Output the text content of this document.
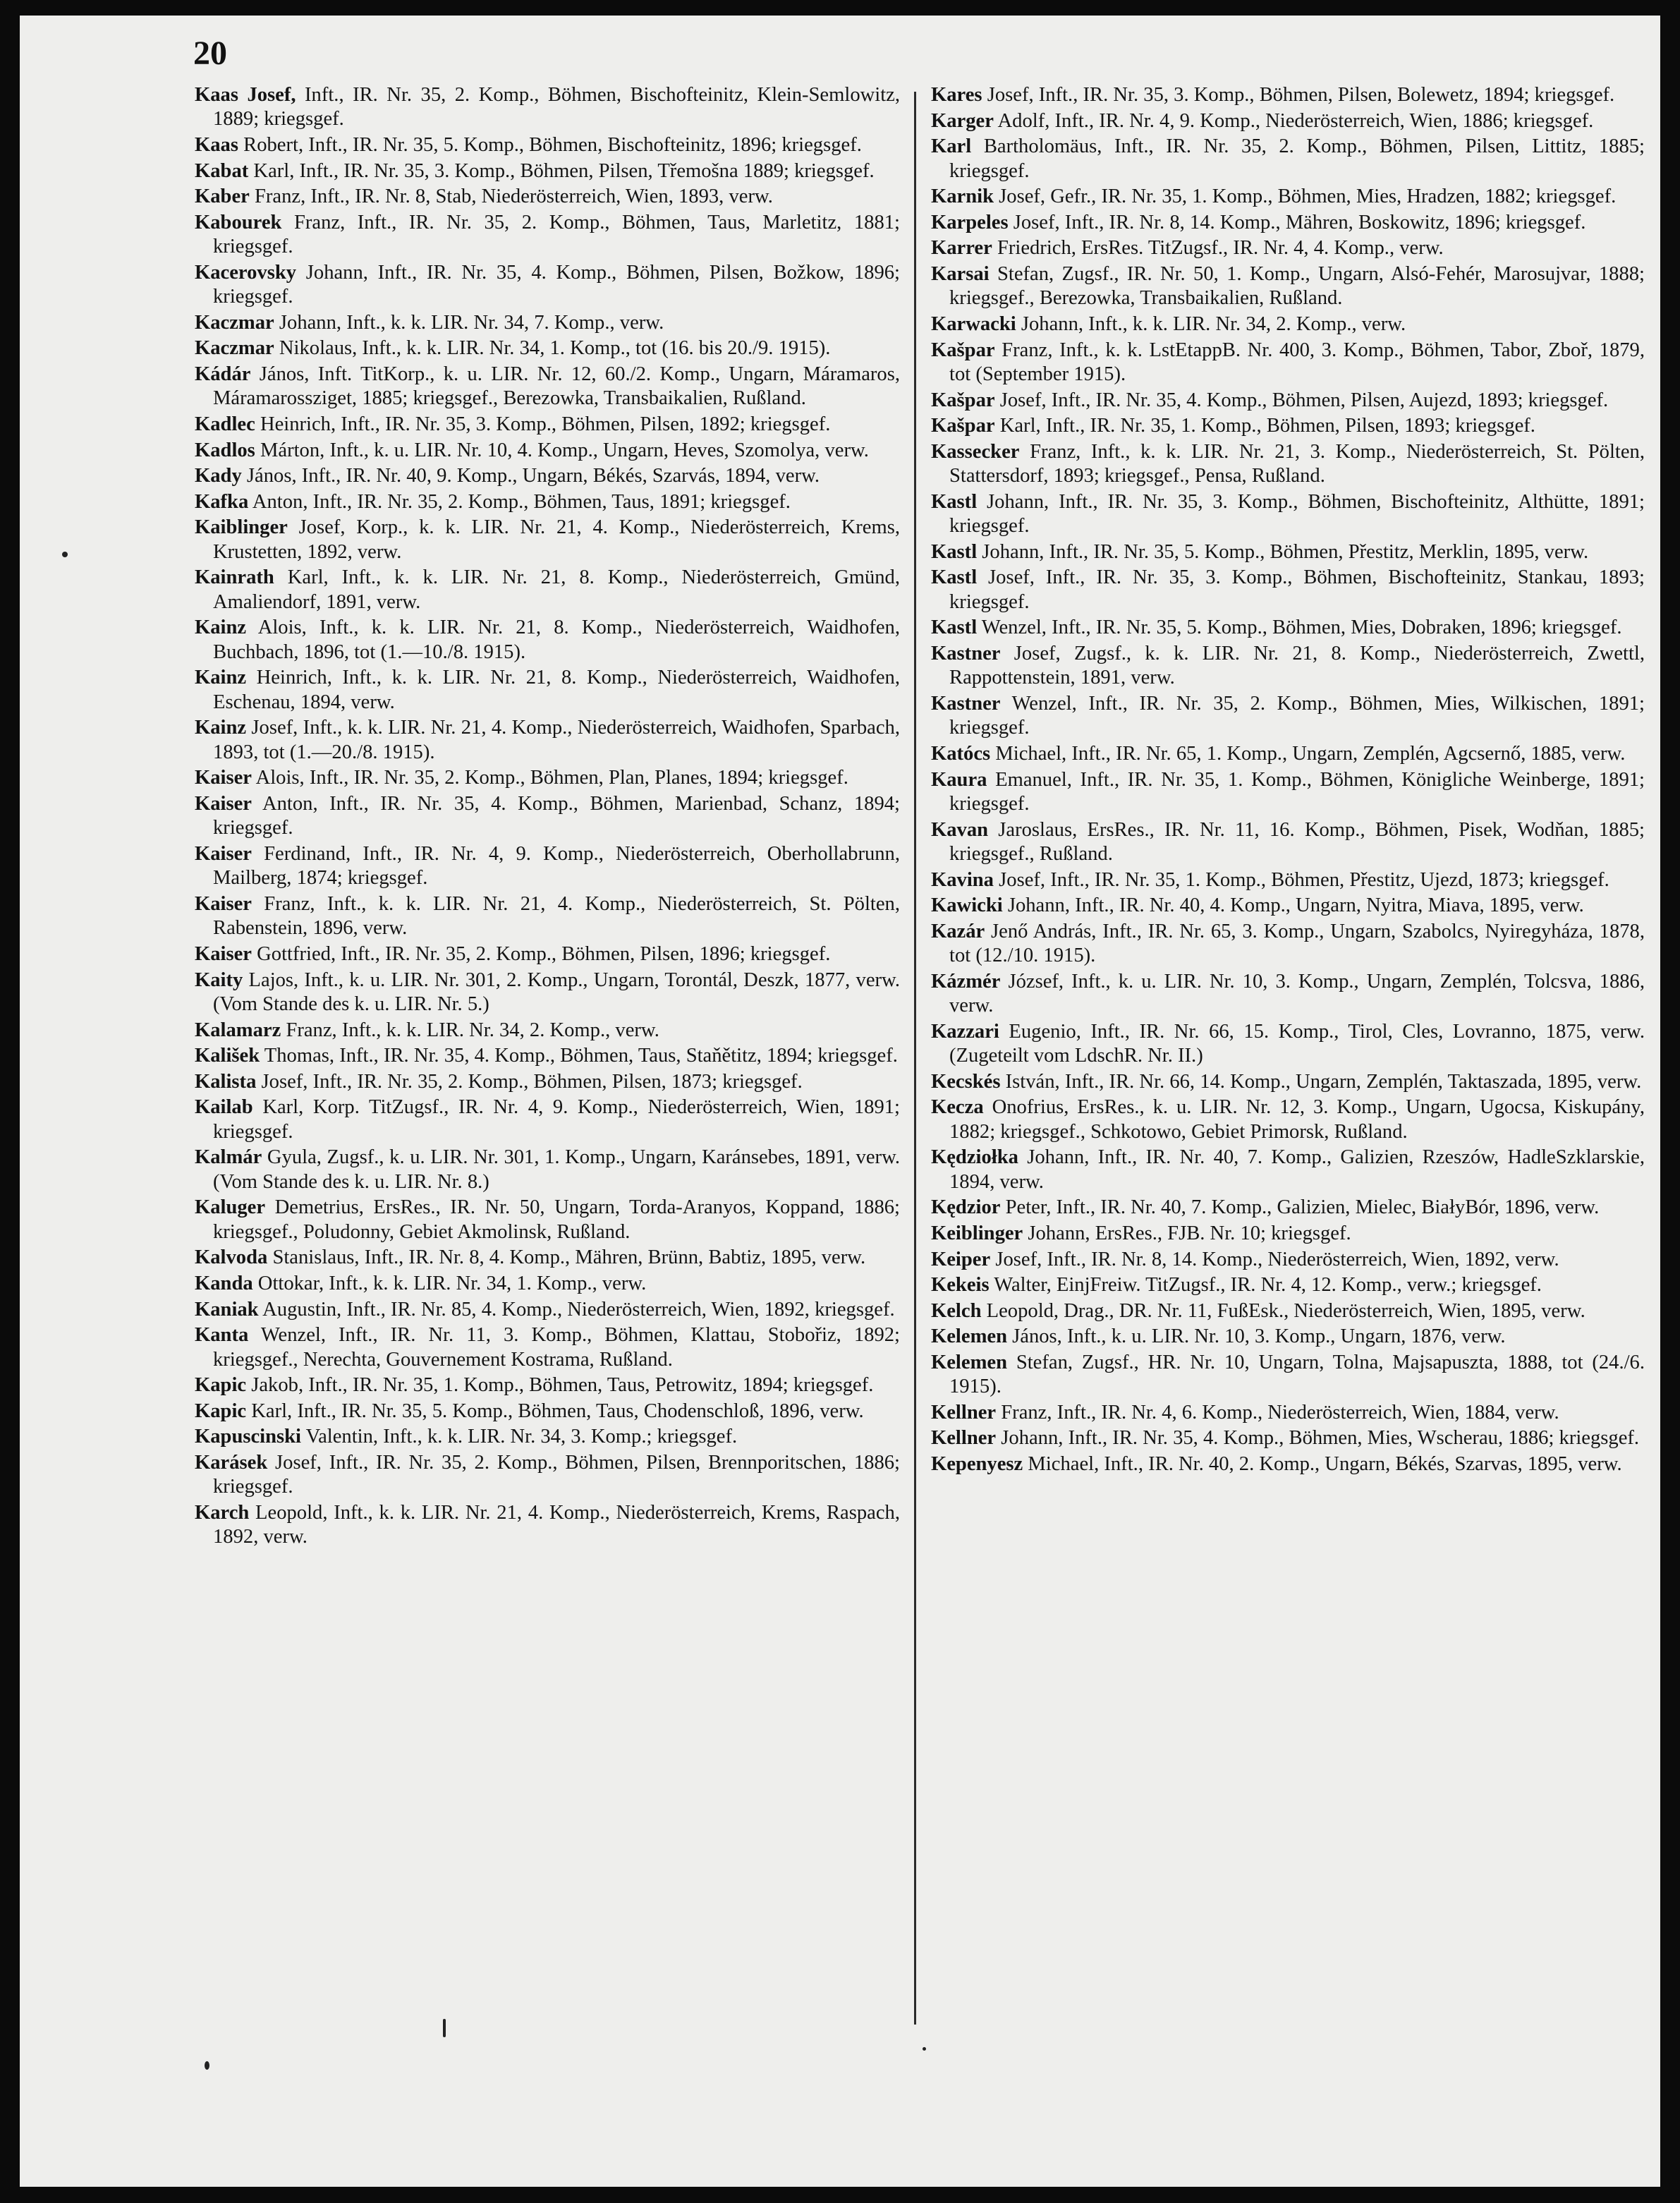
20

Kaas Josef, Inft., IR. Nr. 35, 2. Komp., Böhmen, Bischofteinitz, Klein-Semlowitz, 1889; kriegsgef.

Kaas Robert, Inft., IR. Nr. 35, 5. Komp., Böhmen, Bischofteinitz, 1896; kriegsgef.

Kabat Karl, Inft., IR. Nr. 35, 3. Komp., Böhmen, Pilsen, Třemošna 1889; kriegsgef.

Kaber Franz, Inft., IR. Nr. 8, Stab, Niederösterreich, Wien, 1893, verw.

Kabourek Franz, Inft., IR. Nr. 35, 2. Komp., Böhmen, Taus, Marletitz, 1881; kriegsgef.

Kacerovsky Johann, Inft., IR. Nr. 35, 4. Komp., Böhmen, Pilsen, Božkow, 1896; kriegsgef.

Kaczmar Johann, Inft., k. k. LIR. Nr. 34, 7. Komp., verw.

Kaczmar Nikolaus, Inft., k. k. LIR. Nr. 34, 1. Komp., tot (16. bis 20./9. 1915).

Kádár János, Inft. TitKorp., k. u. LIR. Nr. 12, 60./2. Komp., Ungarn, Máramaros, Máramarossziget, 1885; kriegsgef., Berezowka, Transbaikalien, Rußland.

Kadlec Heinrich, Inft., IR. Nr. 35, 3. Komp., Böhmen, Pilsen, 1892; kriegsgef.

Kadlos Márton, Inft., k. u. LIR. Nr. 10, 4. Komp., Ungarn, Heves, Szomolya, verw.

Kady János, Inft., IR. Nr. 40, 9. Komp., Ungarn, Békés, Szarvás, 1894, verw.

Kafka Anton, Inft., IR. Nr. 35, 2. Komp., Böhmen, Taus, 1891; kriegsgef.

Kaiblinger Josef, Korp., k. k. LIR. Nr. 21, 4. Komp., Niederösterreich, Krems, Krustetten, 1892, verw.

Kainrath Karl, Inft., k. k. LIR. Nr. 21, 8. Komp., Niederösterreich, Gmünd, Amaliendorf, 1891, verw.

Kainz Alois, Inft., k. k. LIR. Nr. 21, 8. Komp., Niederösterreich, Waidhofen, Buchbach, 1896, tot (1.—10./8. 1915).

Kainz Heinrich, Inft., k. k. LIR. Nr. 21, 8. Komp., Niederösterreich, Waidhofen, Eschenau, 1894, verw.

Kainz Josef, Inft., k. k. LIR. Nr. 21, 4. Komp., Niederösterreich, Waidhofen, Sparbach, 1893, tot (1.—20./8. 1915).

Kaiser Alois, Inft., IR. Nr. 35, 2. Komp., Böhmen, Plan, Planes, 1894; kriegsgef.

Kaiser Anton, Inft., IR. Nr. 35, 4. Komp., Böhmen, Marienbad, Schanz, 1894; kriegsgef.

Kaiser Ferdinand, Inft., IR. Nr. 4, 9. Komp., Niederösterreich, Oberhollabrunn, Mailberg, 1874; kriegsgef.

Kaiser Franz, Inft., k. k. LIR. Nr. 21, 4. Komp., Niederösterreich, St. Pölten, Rabenstein, 1896, verw.

Kaiser Gottfried, Inft., IR. Nr. 35, 2. Komp., Böhmen, Pilsen, 1896; kriegsgef.

Kaity Lajos, Inft., k. u. LIR. Nr. 301, 2. Komp., Ungarn, Torontál, Deszk, 1877, verw. (Vom Stande des k. u. LIR. Nr. 5.)

Kalamarz Franz, Inft., k. k. LIR. Nr. 34, 2. Komp., verw.

Kališek Thomas, Inft., IR. Nr. 35, 4. Komp., Böhmen, Taus, Staňětitz, 1894; kriegsgef.

Kalista Josef, Inft., IR. Nr. 35, 2. Komp., Böhmen, Pilsen, 1873; kriegsgef.

Kailab Karl, Korp. TitZugsf., IR. Nr. 4, 9. Komp., Niederösterreich, Wien, 1891; kriegsgef.

Kalmár Gyula, Zugsf., k. u. LIR. Nr. 301, 1. Komp., Ungarn, Karánsebes, 1891, verw. (Vom Stande des k. u. LIR. Nr. 8.)

Kaluger Demetrius, ErsRes., IR. Nr. 50, Ungarn, Torda-Aranyos, Koppand, 1886; kriegsgef., Poludonny, Gebiet Akmolinsk, Rußland.

Kalvoda Stanislaus, Inft., IR. Nr. 8, 4. Komp., Mähren, Brünn, Babtiz, 1895, verw.

Kanda Ottokar, Inft., k. k. LIR. Nr. 34, 1. Komp., verw.

Kaniak Augustin, Inft., IR. Nr. 85, 4. Komp., Niederösterreich, Wien, 1892, kriegsgef.

Kanta Wenzel, Inft., IR. Nr. 11, 3. Komp., Böhmen, Klattau, Stobořiz, 1892; kriegsgef., Nerechta, Gouvernement Kostrama, Rußland.

Kapic Jakob, Inft., IR. Nr. 35, 1. Komp., Böhmen, Taus, Petrowitz, 1894; kriegsgef.

Kapic Karl, Inft., IR. Nr. 35, 5. Komp., Böhmen, Taus, Chodenschloß, 1896, verw.

Kapuscinski Valentin, Inft., k. k. LIR. Nr. 34, 3. Komp.; kriegsgef.

Karásek Josef, Inft., IR. Nr. 35, 2. Komp., Böhmen, Pilsen, Brennporitschen, 1886; kriegsgef.

Karch Leopold, Inft., k. k. LIR. Nr. 21, 4. Komp., Niederösterreich, Krems, Raspach, 1892, verw.

Kares Josef, Inft., IR. Nr. 35, 3. Komp., Böhmen, Pilsen, Bolewetz, 1894; kriegsgef.

Karger Adolf, Inft., IR. Nr. 4, 9. Komp., Niederösterreich, Wien, 1886; kriegsgef.

Karl Bartholomäus, Inft., IR. Nr. 35, 2. Komp., Böhmen, Pilsen, Littitz, 1885; kriegsgef.

Karnik Josef, Gefr., IR. Nr. 35, 1. Komp., Böhmen, Mies, Hradzen, 1882; kriegsgef.

Karpeles Josef, Inft., IR. Nr. 8, 14. Komp., Mähren, Boskowitz, 1896; kriegsgef.

Karrer Friedrich, ErsRes. TitZugsf., IR. Nr. 4, 4. Komp., verw.

Karsai Stefan, Zugsf., IR. Nr. 50, 1. Komp., Ungarn, Alsó-Fehér, Marosujvar, 1888; kriegsgef., Berezowka, Transbaikalien, Rußland.

Karwacki Johann, Inft., k. k. LIR. Nr. 34, 2. Komp., verw.

Kašpar Franz, Inft., k. k. LstEtappB. Nr. 400, 3. Komp., Böhmen, Tabor, Zboř, 1879, tot (September 1915).

Kašpar Josef, Inft., IR. Nr. 35, 4. Komp., Böhmen, Pilsen, Aujezd, 1893; kriegsgef.

Kašpar Karl, Inft., IR. Nr. 35, 1. Komp., Böhmen, Pilsen, 1893; kriegsgef.

Kassecker Franz, Inft., k. k. LIR. Nr. 21, 3. Komp., Niederösterreich, St. Pölten, Stattersdorf, 1893; kriegsgef., Pensa, Rußland.

Kastl Johann, Inft., IR. Nr. 35, 3. Komp., Böhmen, Bischofteinitz, Althütte, 1891; kriegsgef.

Kastl Johann, Inft., IR. Nr. 35, 5. Komp., Böhmen, Přestitz, Merklin, 1895, verw.

Kastl Josef, Inft., IR. Nr. 35, 3. Komp., Böhmen, Bischofteinitz, Stankau, 1893; kriegsgef.

Kastl Wenzel, Inft., IR. Nr. 35, 5. Komp., Böhmen, Mies, Dobraken, 1896; kriegsgef.

Kastner Josef, Zugsf., k. k. LIR. Nr. 21, 8. Komp., Niederösterreich, Zwettl, Rappottenstein, 1891, verw.

Kastner Wenzel, Inft., IR. Nr. 35, 2. Komp., Böhmen, Mies, Wilkischen, 1891; kriegsgef.

Katócs Michael, Inft., IR. Nr. 65, 1. Komp., Ungarn, Zemplén, Agcsernő, 1885, verw.

Kaura Emanuel, Inft., IR. Nr. 35, 1. Komp., Böhmen, Königliche Weinberge, 1891; kriegsgef.

Kavan Jaroslaus, ErsRes., IR. Nr. 11, 16. Komp., Böhmen, Pisek, Wodňan, 1885; kriegsgef., Rußland.

Kavina Josef, Inft., IR. Nr. 35, 1. Komp., Böhmen, Přestitz, Ujezd, 1873; kriegsgef.

Kawicki Johann, Inft., IR. Nr. 40, 4. Komp., Ungarn, Nyitra, Miava, 1895, verw.

Kazár Jenő András, Inft., IR. Nr. 65, 3. Komp., Ungarn, Szabolcs, Nyiregyháza, 1878, tot (12./10. 1915).

Kázmér József, Inft., k. u. LIR. Nr. 10, 3. Komp., Ungarn, Zemplén, Tolcsva, 1886, verw.

Kazzari Eugenio, Inft., IR. Nr. 66, 15. Komp., Tirol, Cles, Lovranno, 1875, verw. (Zugeteilt vom LdschR. Nr. II.)

Kecskés István, Inft., IR. Nr. 66, 14. Komp., Ungarn, Zemplén, Taktaszada, 1895, verw.

Kecza Onofrius, ErsRes., k. u. LIR. Nr. 12, 3. Komp., Ungarn, Ugocsa, Kiskupány, 1882; kriegsgef., Schkotowo, Gebiet Primorsk, Rußland.

Kędziołka Johann, Inft., IR. Nr. 40, 7. Komp., Galizien, Rzeszów, HadleSzklarskie, 1894, verw.

Kędzior Peter, Inft., IR. Nr. 40, 7. Komp., Galizien, Mielec, BiałyBór, 1896, verw.

Keiblinger Johann, ErsRes., FJB. Nr. 10; kriegsgef.

Keiper Josef, Inft., IR. Nr. 8, 14. Komp., Niederösterreich, Wien, 1892, verw.

Kekeis Walter, EinjFreiw. TitZugsf., IR. Nr. 4, 12. Komp., verw.; kriegsgef.

Kelch Leopold, Drag., DR. Nr. 11, FußEsk., Niederösterreich, Wien, 1895, verw.

Kelemen János, Inft., k. u. LIR. Nr. 10, 3. Komp., Ungarn, 1876, verw.

Kelemen Stefan, Zugsf., HR. Nr. 10, Ungarn, Tolna, Majsapuszta, 1888, tot (24./6. 1915).

Kellner Franz, Inft., IR. Nr. 4, 6. Komp., Niederösterreich, Wien, 1884, verw.

Kellner Johann, Inft., IR. Nr. 35, 4. Komp., Böhmen, Mies, Wscherau, 1886; kriegsgef.

Kepenyesz Michael, Inft., IR. Nr. 40, 2. Komp., Ungarn, Békés, Szarvas, 1895, verw.
